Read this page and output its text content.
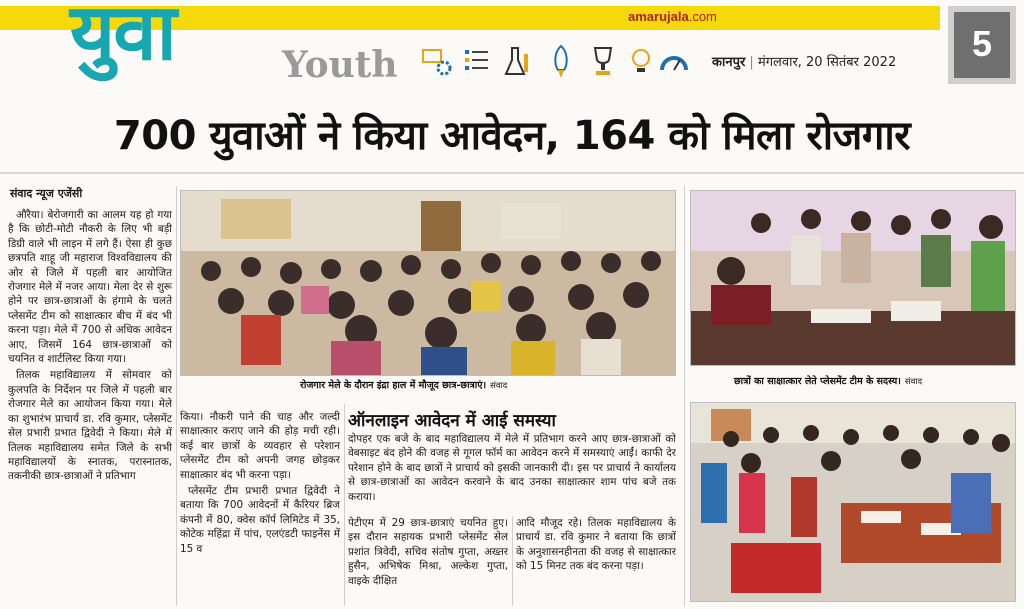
amarujala.com
युवा	Youth	कानपुर | मंगलवार, 20 सितंबर 2022	5
700 युवाओं ने किया आवेदन, 164 को मिला रोजगार
संवाद न्यूज एजेंसी

औरैया। बेरोजगारी का आलम यह हो गया है कि छोटी-मोटी नौकरी के लिए भी बड़ी डिग्री वाले भी लाइन में लगे हैं। ऐसा ही कुछ छत्रपति शाहू जी महाराज विश्वविद्यालय की ओर से जिले में पहली बार आयोजित रोजगार मेले में नजर आया। मेला देर से शुरू होने पर छात्र-छात्राओं के हंगामे के चलते प्लेसमेंट टीम को साक्षात्कार बीच में बंद भी करना पड़ा। मेले में 700 से अधिक आवेदन आए, जिसमें 164 छात्र-छात्राओं को चयनित व शार्टलिस्ट किया गया।

तिलक महाविद्यालय में सोमवार को कुलपति के निर्देशन पर जिले में पहली बार रोजगार मेले का आयोजन किया गया। मेले का शुभारंभ प्राचार्य डा. रवि कुमार, प्लेसमेंट सेल प्रभारी प्रभात द्विवेदी ने किया। मेले में तिलक महाविद्यालय समेत जिले के सभी महाविद्यालयों के स्नातक, परास्नातक, तकनीकी छात्र-छात्राओं ने प्रतिभाग

रोजगार मेले के दौरान इंद्रा हाल में मौजूद छात्र-छात्राएं। संवाद	छात्रों का साक्षात्कार लेते प्लेसमेंट टीम के सदस्य। संवाद

किया। नौकरी पाने की चाह और जल्दी साक्षात्कार कराए जाने की होड़ मची रही। कई बार छात्रों के व्यवहार से परेशान प्लेसमेंट टीम को अपनी जगह छोड़कर साक्षात्कार बंद भी करना पड़ा।

प्लेसमेंट टीम प्रभारी प्रभात द्विवेदी ने बताया कि 700 आवेदनों में कैरियर ब्रिज कंपनी में 80, क्वेस कॉर्प लिमिटेड में 35, कोटेक महिंद्रा में पांच, एलएंडटी फाइनेंस में 15 व

ऑनलाइन आवेदन में आई समस्या

दोपहर एक बजे के बाद महाविद्यालय में मेले में प्रतिभाग करने आए छात्र-छात्राओं को वेबसाइट बंद होने की वजह से गूगल फॉर्म का आवेदन करने में समस्याएं आईं। काफी देर परेशान होने के बाद छात्रों ने प्राचार्य को इसकी जानकारी दी। इस पर प्राचार्य ने कार्यालय से छात्र-छात्राओं का आवेदन करवाने के बाद उनका साक्षात्कार शाम पांच बजे तक कराया।

पेटीएम में 29 छात्र-छात्राएं चयनित हुए। इस दौरान सहायक प्रभारी प्लेसमेंट सेल प्रशांत त्रिवेदी, सचिव संतोष गुप्ता, अख्तर हुसैन, अभिषेक मिश्रा, अल्केश गुप्ता, वाइके दीक्षित

आदि मौजूद रहे। तिलक महाविद्यालय के प्राचार्य डा. रवि कुमार ने बताया कि छात्रों के अनुशासनहीनता की वजह से साक्षात्कार को 15 मिनट तक बंद करना पड़ा।
